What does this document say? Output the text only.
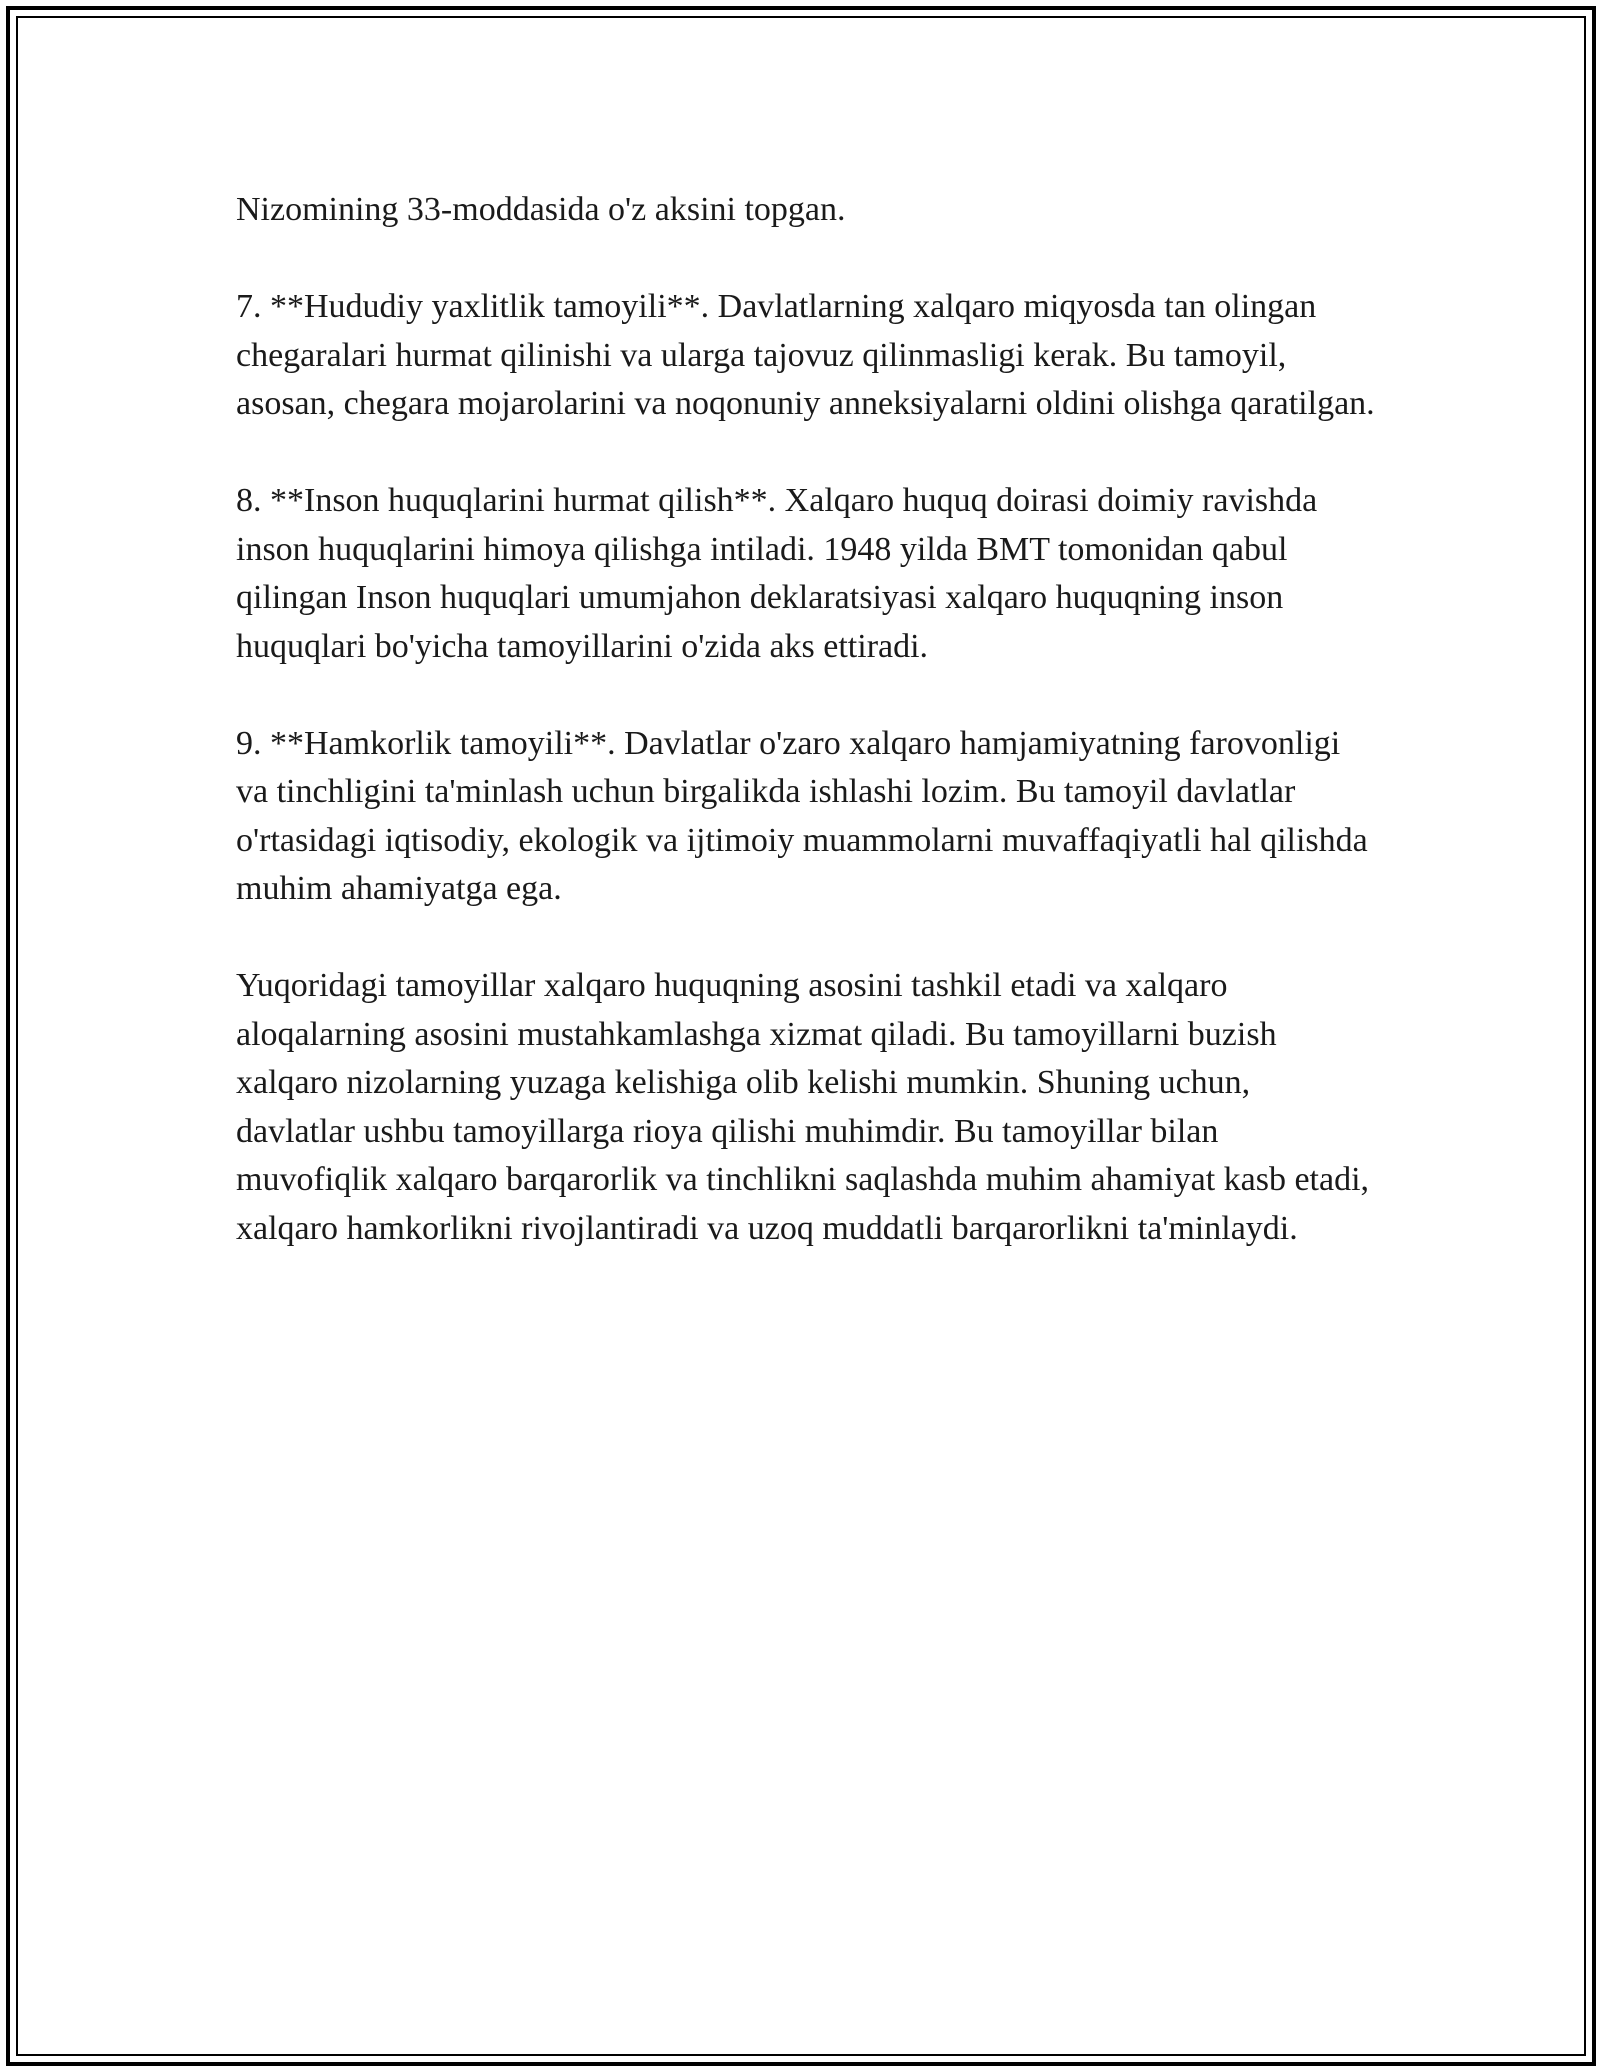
Nizomining 33-moddasida o'z aksini topgan.

7. **Hududiy yaxlitlik tamoyili**. Davlatlarning xalqaro miqyosda tan olingan chegaralari hurmat qilinishi va ularga tajovuz qilinmasligi kerak. Bu tamoyil, asosan, chegara mojarolarini va noqonuniy anneksiyalarni oldini olishga qaratilgan.

8. **Inson huquqlarini hurmat qilish**. Xalqaro huquq doirasi doimiy ravishda inson huquqlarini himoya qilishga intiladi. 1948 yilda BMT tomonidan qabul qilingan Inson huquqlari umumjahon deklaratsiyasi xalqaro huquqning inson huquqlari bo'yicha tamoyillarini o'zida aks ettiradi.

9. **Hamkorlik tamoyili**. Davlatlar o'zaro xalqaro hamjamiyatning farovonligi va tinchligini ta'minlash uchun birgalikda ishlashi lozim. Bu tamoyil davlatlar o'rtasidagi iqtisodiy, ekologik va ijtimoiy muammolarni muvaffaqiyatli hal qilishda muhim ahamiyatga ega.

Yuqoridagi tamoyillar xalqaro huquqning asosini tashkil etadi va xalqaro aloqalarning asosini mustahkamlashga xizmat qiladi. Bu tamoyillarni buzish xalqaro nizolarning yuzaga kelishiga olib kelishi mumkin. Shuning uchun, davlatlar ushbu tamoyillarga rioya qilishi muhimdir. Bu tamoyillar bilan muvofiqlik xalqaro barqarorlik va tinchlikni saqlashda muhim ahamiyat kasb etadi, xalqaro hamkorlikni rivojlantiradi va uzoq muddatli barqarorlikni ta'minlaydi.
